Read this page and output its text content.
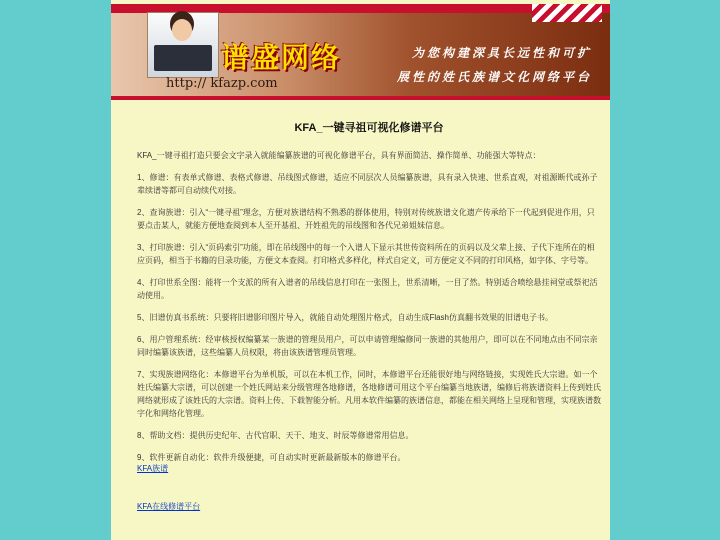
谱盛网络
http:// kfazp.com
为您构建深具长远性和可扩
展性的姓氏族谱文化网络平台
KFA_一键寻祖可视化修谱平台

KFA_一键寻祖打造只要会文字录入就能编纂族谱的可视化修谱平台，具有界面简洁、操作简单、功能强大等特点：

1、修谱：有表单式修谱、表格式修谱、吊线图式修谱，适应不同层次人员编纂族谱，具有录入快速、世系直观，对祖源断代或孙子辈续谱等都可自动续代对接。

2、查询族谱：引入“一键寻祖”理念，方便对族谱结构不熟悉的群体使用，特别对传统族谱文化遗产传承给下一代起到促进作用，只要点击某人，就能方便地查阅到本人至开基祖、开姓祖先的吊线图和各代兄弟姐妹信息。

3、打印族谱：引入“页码索引”功能，即在吊线图中的每一个入谱人下显示其世传资料所在的页码以及父辈上接、子代下连所在的相应页码，相当于书籍的目录功能，方便文本查阅。打印格式多样化，样式自定义，可方便定义不同的打印风格，如字体、字号等。

4、打印世系全图：能将一个支派的所有入谱者的吊线信息打印在一张图上，世系清晰，一目了然。特别适合喷绘悬挂祠堂或祭祀活动使用。

5、旧谱仿真书系统：只要将旧谱影印图片导入，就能自动处理图片格式，自动生成Flash仿真翻书效果的旧谱电子书。

6、用户管理系统：经审核授权编纂某一族谱的管理员用户，可以申请管理编修同一族谱的其他用户，即可以在不同地点由不同宗亲同时编纂该族谱，这些编纂人员权限，将由该族谱管理员管理。

7、实现族谱网络化：本修谱平台为单机版，可以在本机工作，同时，本修谱平台还能很好地与网络链接，实现姓氏大宗谱。如一个姓氏编纂大宗谱，可以创建一个姓氏网站来分级管理各地修谱，各地修谱可用这个平台编纂当地族谱，编修后将族谱资料上传到姓氏网络就形成了该姓氏的大宗谱。资料上传、下载智能分析。凡用本软件编纂的族谱信息，都能在相关网络上呈现和管理，实现族谱数字化和网络化管理。

8、帮助文档：提供历史纪年、古代官职、天干、地支、时辰等修谱常用信息。

9、软件更新自动化：软件升级便捷，可自动实时更新最新版本的修谱平台。

KFA族谱
KFA在线修谱平台
